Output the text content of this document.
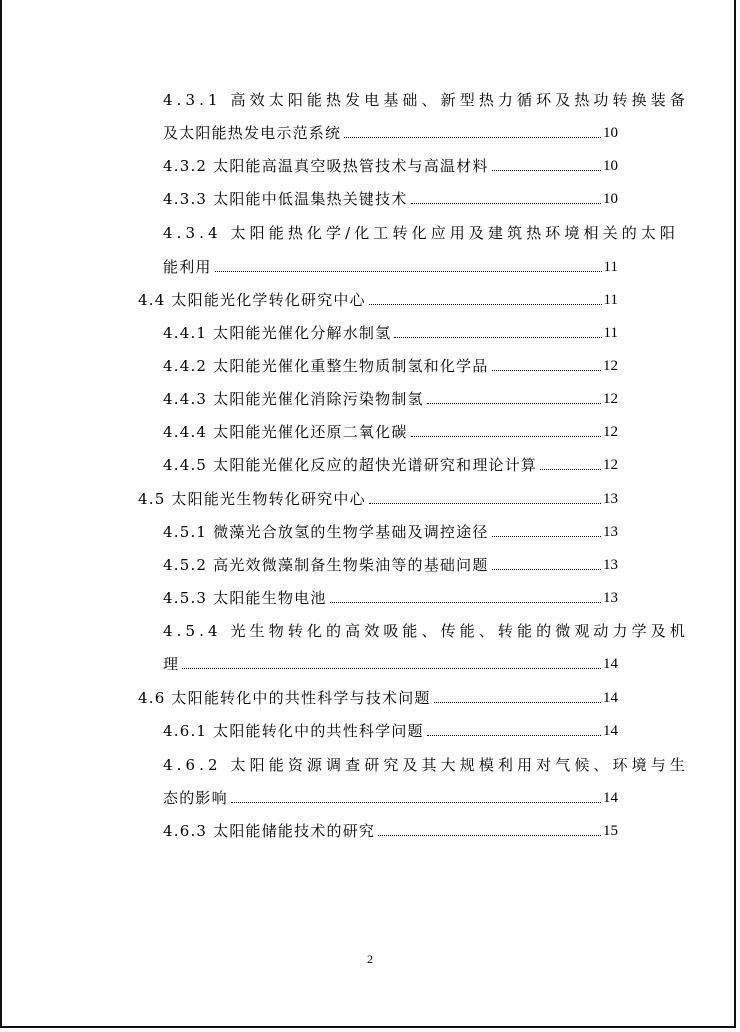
4.3.1 高效太阳能热发电基础、新型热力循环及热功转换装备
及太阳能热发电示范系统	10
4.3.2 太阳能高温真空吸热管技术与高温材料	10
4.3.3 太阳能中低温集热关键技术	10
4.3.4 太阳能热化学/化工转化应用及建筑热环境相关的太阳
能利用	11
4.4 太阳能光化学转化研究中心	11
4.4.1 太阳能光催化分解水制氢	11
4.4.2 太阳能光催化重整生物质制氢和化学品	12
4.4.3 太阳能光催化消除污染物制氢	12
4.4.4 太阳能光催化还原二氧化碳	12
4.4.5 太阳能光催化反应的超快光谱研究和理论计算	12
4.5 太阳能光生物转化研究中心	13
4.5.1 微藻光合放氢的生物学基础及调控途径	13
4.5.2 高光效微藻制备生物柴油等的基础问题	13
4.5.3 太阳能生物电池	13
4.5.4 光生物转化的高效吸能、传能、转能的微观动力学及机
理	14
4.6 太阳能转化中的共性科学与技术问题	14
4.6.1 太阳能转化中的共性科学问题	14
4.6.2 太阳能资源调查研究及其大规模利用对气候、环境与生
态的影响	14
4.6.3 太阳能储能技术的研究	15
2
